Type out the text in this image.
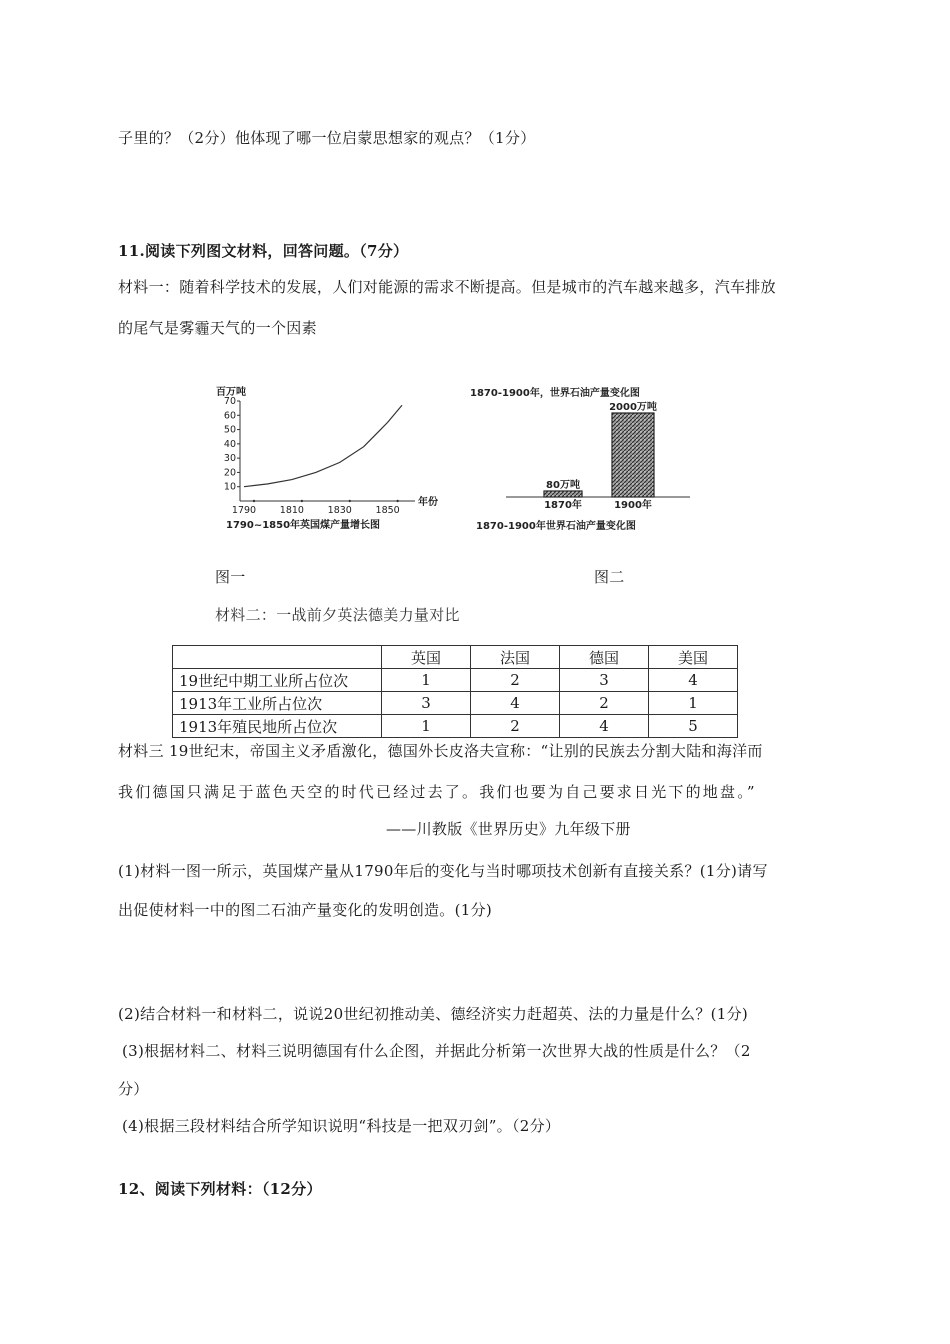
子里的？（2分）他体现了哪一位启蒙思想家的观点？（1分）
11.阅读下列图文材料，回答问题。（7分）
材料一：随着科学技术的发展，人们对能源的需求不断提高。但是城市的汽车越来越多，汽车排放
的尾气是雾霾天气的一个因素
百万吨
10
20
30
40
50
60
70
1790 1810 1830 1850
年份
1790~1850年英国煤产量增长图
1870-1900年，世界石油产量变化图
80万吨
1870年
2000万吨
1900年
1870-1900年世界石油产量变化图
图一	图二
材料二：一战前夕英法德美力量对比
	英国	法国	德国	美国
19世纪中期工业所占位次	1	2	3	4
1913年工业所占位次	3	4	2	1
1913年殖民地所占位次	1	2	4	5
材料三 19世纪末，帝国主义矛盾激化，德国外长皮洛夫宣称：“让别的民族去分割大陆和海洋而
我们德国只满足于蓝色天空的时代已经过去了。我们也要为自己要求日光下的地盘。”
——川教版《世界历史》九年级下册
(1)材料一图一所示，英国煤产量从1790年后的变化与当时哪项技术创新有直接关系？(1分)请写
出促使材料一中的图二石油产量变化的发明创造。(1分)
(2)结合材料一和材料二，说说20世纪初推动美、德经济实力赶超英、法的力量是什么？(1分)
(3)根据材料二、材料三说明德国有什么企图，并据此分析第一次世界大战的性质是什么？（2
分）
(4)根据三段材料结合所学知识说明“科技是一把双刃剑”。（2分）
12、阅读下列材料：（12分）
